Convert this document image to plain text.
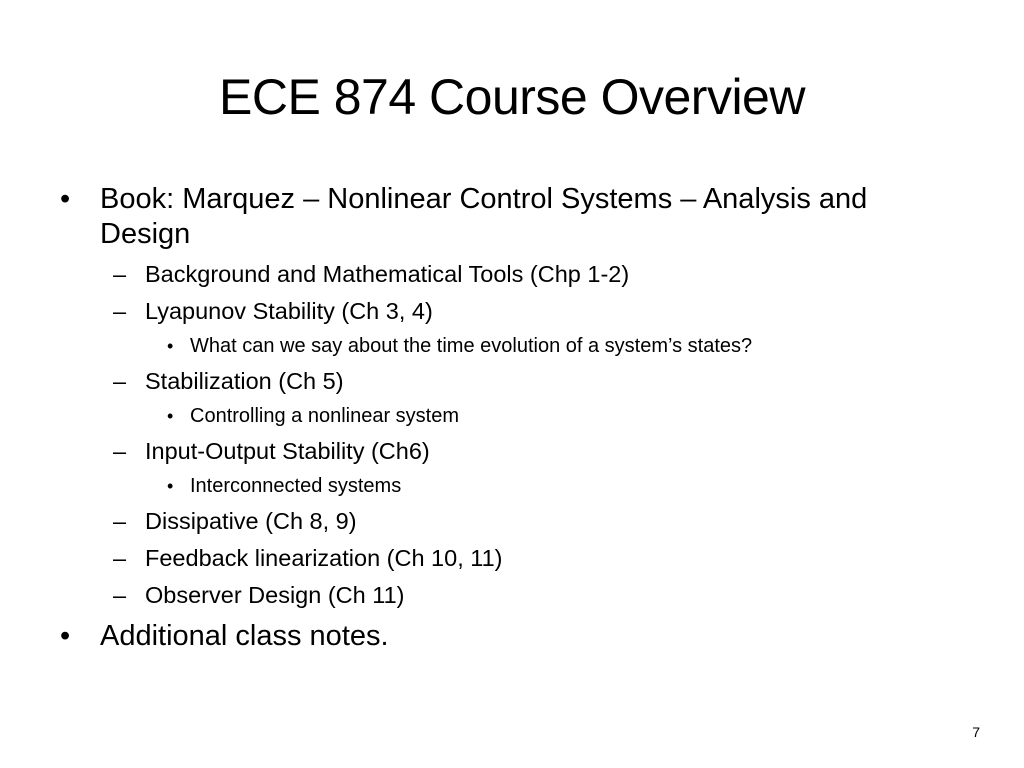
ECE 874 Course Overview
• Book: Marquez – Nonlinear Control Systems – Analysis and
Design
– Background and Mathematical Tools (Chp 1-2)
– Lyapunov Stability (Ch 3, 4)
• What can we say about the time evolution of a system’s states?
– Stabilization (Ch 5)
• Controlling a nonlinear system
– Input-Output Stability (Ch6)
• Interconnected systems
– Dissipative (Ch 8, 9)
– Feedback linearization (Ch 10, 11)
– Observer Design (Ch 11)
• Additional class notes.
7
